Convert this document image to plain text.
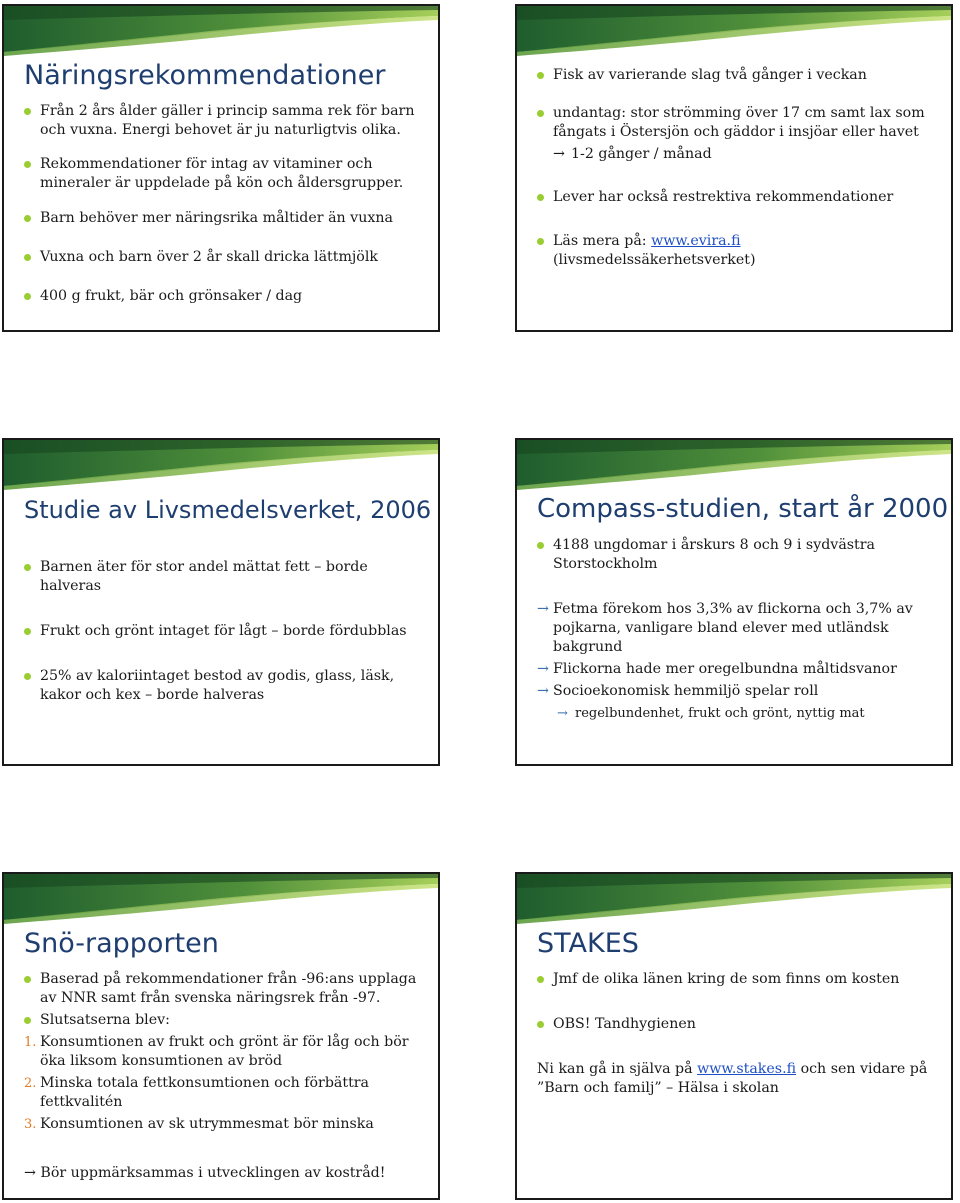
Näringsrekommendationer
Från 2 års ålder gäller i princip samma rek för barn och vuxna. Energi behovet är ju naturligtvis olika.
Rekommendationer för intag av vitaminer och mineraler är uppdelade på kön och åldersgrupper.
Barn behöver mer näringsrika måltider än vuxna
Vuxna och barn över 2 år skall dricka lättmjölk
400 g frukt, bär och grönsaker / dag
Fisk av varierande slag två gånger i veckan
undantag: stor strömming över 17 cm samt lax som fångats i Östersjön och gäddor i insjöar eller havet
→ 1-2 gånger / månad
Lever har också restrektiva rekommendationer
Läs mera på: www.evira.fi
(livsmedelssäkerhetsverket)
Studie av Livsmedelsverket, 2006
Barnen äter för stor andel mättat fett – borde halveras
Frukt och grönt intaget för lågt – borde fördubblas
25% av kaloriintaget bestod av godis, glass, läsk, kakor och kex – borde halveras
Compass-studien, start år 2000
4188 ungdomar i årskurs 8 och 9 i sydvästra Storstockholm
→ Fetma förekom hos 3,3% av flickorna och 3,7% av pojkarna, vanligare bland elever med utländsk bakgrund
→ Flickorna hade mer oregelbundna måltidsvanor
→ Socioekonomisk hemmiljö spelar roll
→ regelbundenhet, frukt och grönt, nyttig mat
Snö-rapporten
Baserad på rekommendationer från -96:ans upplaga av NNR samt från svenska näringsrek från -97.
Slutsatserna blev:
1. Konsumtionen av frukt och grönt är för låg och bör öka liksom konsumtionen av bröd
2. Minska totala fettkonsumtionen och förbättra fettkvalitén
3. Konsumtionen av sk utrymmesmat bör minska
→ Bör uppmärksammas i utvecklingen av kostråd!
STAKES
Jmf de olika länen kring de som finns om kosten
OBS! Tandhygienen
Ni kan gå in själva på www.stakes.fi och sen vidare på ”Barn och familj” – Hälsa i skolan
